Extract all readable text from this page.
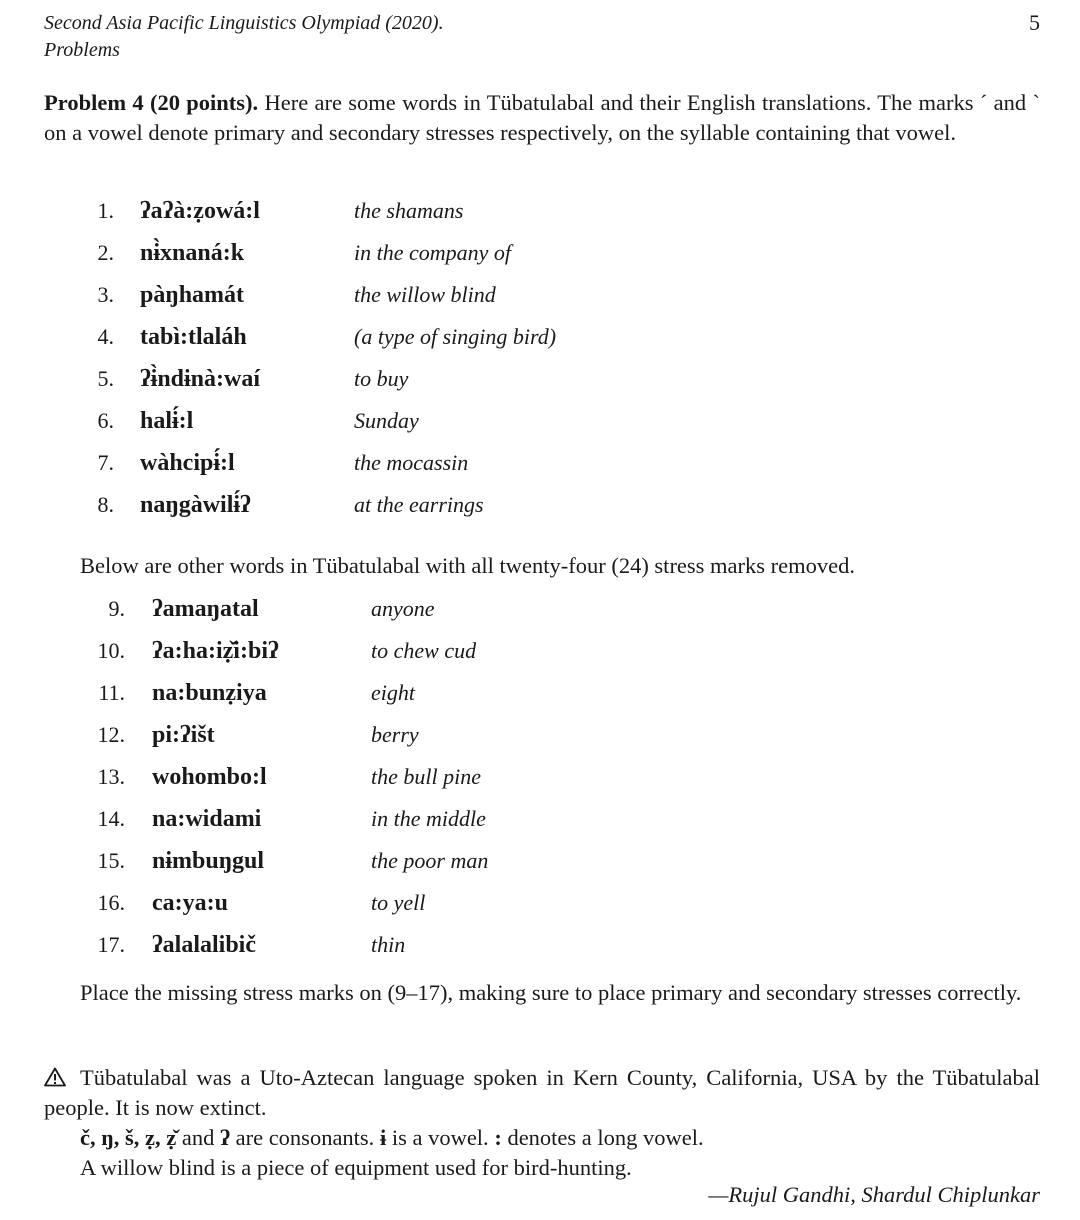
Second Asia Pacific Linguistics Olympiad (2020).
Problems
5
Problem 4 (20 points). Here are some words in Tübatulabal and their English translations. The marks ´ and ` on a vowel denote primary and secondary stresses respectively, on the syllable containing that vowel.
1. ʔaʔà:ẓowá:l	the shamans
2. nɨ̀xnaná:k	in the company of
3. pàŋhamát	the willow blind
4. tabì:tlaláh	(a type of singing bird)
5. ʔɨ̀ndɨnà:waí	to buy
6. halɨ́:l	Sunday
7. wàhcipɨ́:l	the mocassin
8. naŋgàwilɨ́ʔ	at the earrings
Below are other words in Tübatulabal with all twenty-four (24) stress marks removed.
9. ʔamaŋatal	anyone
10. ʔa:ha:iẓ̌i:biʔ	to chew cud
11. na:bunẓiya	eight
12. pi:ʔišt	berry
13. wohombo:l	the bull pine
14. na:widami	in the middle
15. nɨmbuŋgul	the poor man
16. ca:ya:u	to yell
17. ʔalalalibič	thin
Place the missing stress marks on (9–17), making sure to place primary and secondary stresses correctly.
Tübatulabal was a Uto-Aztecan language spoken in Kern County, California, USA by the Tübatulabal people. It is now extinct.
č, ŋ, š, ẓ, ẓ̌ and ʔ are consonants. ɨ is a vowel. : denotes a long vowel.
A willow blind is a piece of equipment used for bird-hunting.
—Rujul Gandhi, Shardul Chiplunkar
